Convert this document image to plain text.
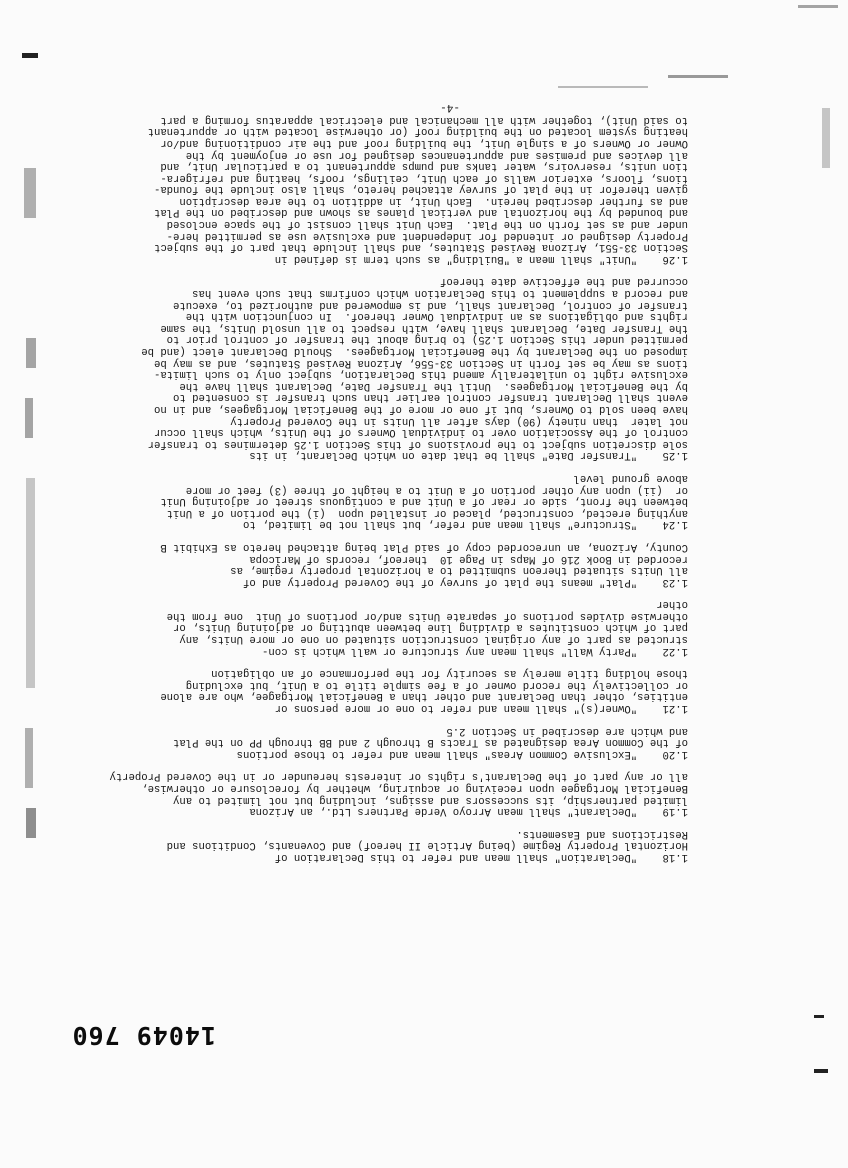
14049 760

1.18    "Declaration" shall mean and refer to this Declaration of
Horizontal Property Regime (being Article II hereof) and Covenants, Conditions and
Restrictions and Easements.

1.19    "Declarant" shall mean Arroyo Verde Partners Ltd., an Arizona
limited partnership, its successors and assigns, including but not limited to any
Beneficial Mortgagee upon receiving or acquiring, whether by foreclosure or otherwise,
all or any part of the Declarant's rights or interests hereunder or in the Covered Property

1.20    "Exclusive Common Areas" shall mean and refer to those portions
of the Common Area designated as Tracts B through 2 and BB through PP on the Plat
and which are described in Section 2.5

1.21    "Owner(s)" shall mean and refer to one or more persons or
entities, other than Declarant and other than a Beneficial Mortgagee, who are alone
or collectively the record owner of a fee simple title to a Unit, but excluding
those holding title merely as security for the performance of an obligation

1.22    "Party Wall" shall mean any structure or wall which is con-
structed as part of any original construction situated on one or more Units, any
part of which constitutes a dividing line between abutting or adjoining Units, or
otherwise divides portions of separate Units and/or portions of Unit  one from the
other

1.23    "Plat" means the plat of survey of the Covered Property and of
all Units situated thereon submitted to a horizontal property regime, as
recorded in Book 216 of Maps in Page 10  thereof, records of Maricopa
County, Arizona, an unrecorded copy of said Plat being attached hereto as Exhibit B

1.24    "Structure" shall mean and refer, but shall not be limited, to
anything erected, constructed, placed or installed upon  (i) the portion of a Unit
between the front, side or rear of a Unit and a contiguous street or adjoining Unit
or  (ii) upon any other portion of a Unit to a height of three (3) feet or more
above ground level

1.25    "Transfer Date" shall be that date on which Declarant, in its
sole discretion subject to the provisions of this Section 1.25 determines to transfer
control of the Association over to individual Owners of the Units, which shall occur
not later  than ninety (90) days after all Units in the Covered Property
have been sold to Owners, but if one or more of the Beneficial Mortgagees, and in no
event shall Declarant transfer control earlier than such transfer is consented to
by the Beneficial Mortgagees.  Until the Transfer Date, Declarant shall have the
exclusive right to unilaterally amend this Declaration, subject only to such limita-
tions as may be set forth in Section 33-556, Arizona Revised Statutes, and as may be
imposed on the Declarant by the Beneficial Mortgagees.  Should Declarant elect (and be
permitted under this Section 1.25) to bring about the transfer of control prior to
the Transfer Date, Declarant shall have, with respect to all unsold Units, the same
rights and obligations as an individual Owner thereof.  In conjunction with the
transfer of control, Declarant shall, and is empowered and authorized to, execute
and record a supplement to this Declaration which confirms that such event has
occurred and the effective date thereof

1.26    "Unit" shall mean a "Building" as such term is defined in
Section 33-551, Arizona Revised Statutes, and shall include that part of the subject
Property designed or intended for independent and exclusive use as permitted here-
under and as set forth on the Plat.  Each Unit shall consist of the space enclosed
and bounded by the horizontal and vertical planes as shown and described on the Plat
and as further described herein.  Each Unit, in addition to the area description
given therefor in the plat of survey attached hereto, shall also include the founda-
tions, floors, exterior walls of each Unit, ceilings, roofs, heating and refrigera-
tion units, reservoirs, water tanks and pumps appurtenant to a particular Unit, and
all devices and premises and appurtenances designed for use or enjoyment by the
Owner or Owners of a single Unit, the building roof and the air conditioning and/or
heating system located on the building roof (or otherwise located with or appurtenant
to said Unit), together with all mechanical and electrical apparatus forming a part

-4-
